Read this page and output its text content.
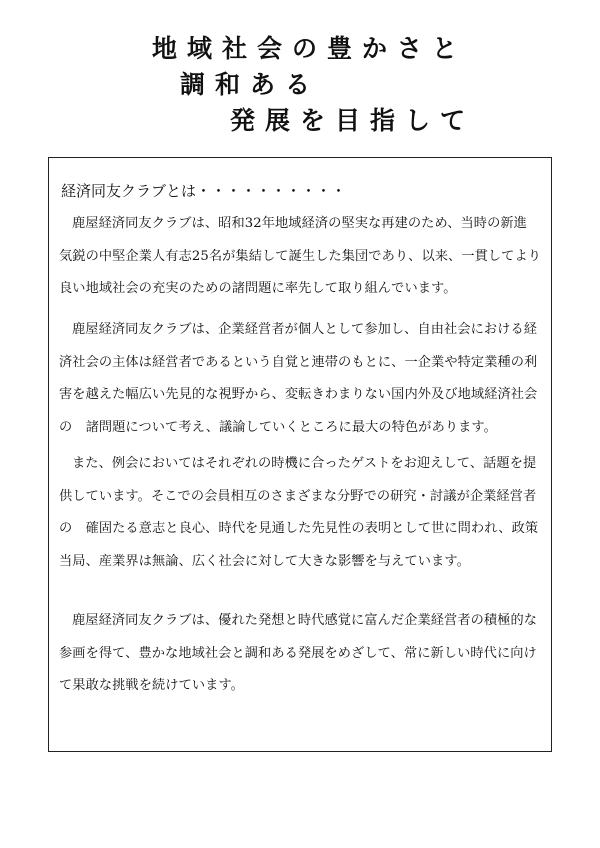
地域社会の豊かさと
調和ある
発展を目指して
経済同友クラブとは・・・・・・・・・・

鹿屋経済同友クラブは、昭和32年地域経済の堅実な再建のため、当時の新進　気鋭の中堅企業人有志25名が集結して誕生した集団であり、以来、一貫してより良い地域社会の充実のための諸問題に率先して取り組んでいます。

鹿屋経済同友クラブは、企業経営者が個人として参加し、自由社会における経済社会の主体は経営者であるという自覚と連帯のもとに、一企業や特定業種の利害を越えた幅広い先見的な視野から、変転きわまりない国内外及び地域経済社会の　諸問題について考え、議論していくところに最大の特色があります。

また、例会においてはそれぞれの時機に合ったゲストをお迎えして、話題を提供しています。そこでの会員相互のさまざまな分野での研究・討議が企業経営者の　確固たる意志と良心、時代を見通した先見性の表明として世に問われ、政策当局、産業界は無論、広く社会に対して大きな影響を与えています。

鹿屋経済同友クラブは、優れた発想と時代感覚に富んだ企業経営者の積極的な参画を得て、豊かな地域社会と調和ある発展をめざして、常に新しい時代に向けて果敢な挑戦を続けています。
